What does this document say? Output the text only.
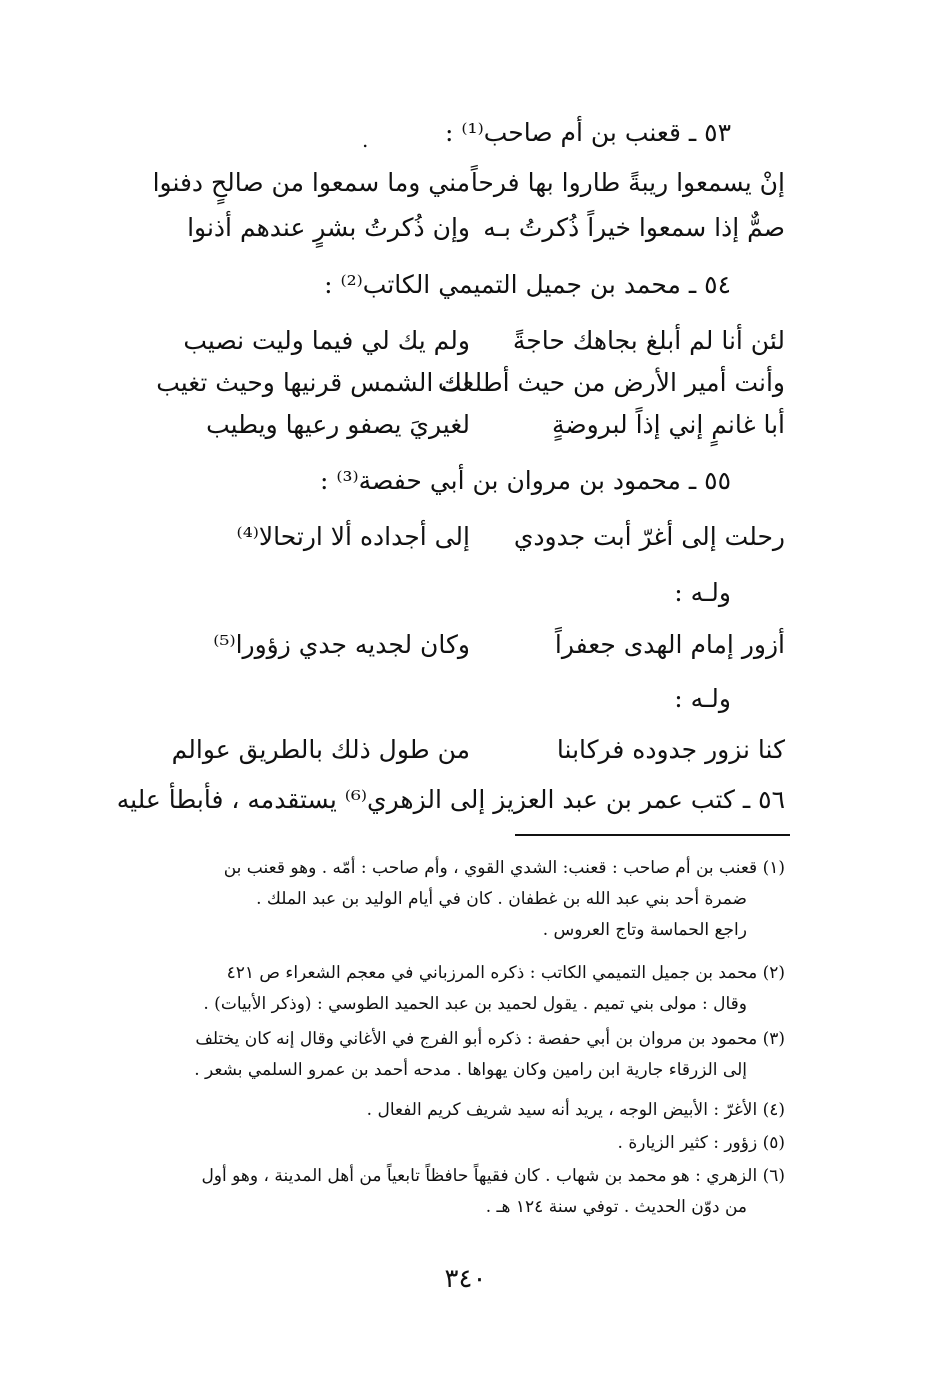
٥٣ ـ قعنب بن أم صاحب⁽¹⁾ :
.
إنْ يسمعوا ريبةً طاروا بها فرحاً
مني وما سمعوا من صالحٍ دفنوا
صمٌّ إذا سمعوا خيراً ذُكرتُ بـه
وإن ذُكرتُ بشرٍ عندهم أذنوا
٥٤ ـ محمد بن جميل التميمي الكاتب⁽²⁾ :
لئن أنا لم أبلغ بجاهك حاجةً
ولم يك لي فيما وليت نصيب
وأنت أمير الأرض من حيث أطلعت
لك الشمس قرنيها وحيث تغيب
أبا غانمٍ إني إذاً لبروضةٍ
لغيريَ يصفو رعيها ويطيب
٥٥ ـ محمود بن مروان بن أبي حفصة⁽³⁾ :
رحلت إلى أغرّ أبت جدودي
إلى أجداده ألا ارتحالا⁽⁴⁾
ولـه :
أزور إمام الهدى جعفراً
وكان لجديه جدي زؤورا⁽⁵⁾
ولـه :
كنا نزور جدوده فركابنا
من طول ذلك بالطريق عوالم
٥٦ ـ كتب عمر بن عبد العزيز إلى الزهري⁽⁶⁾ يستقدمه ، فأبطأ عليه
(١) قعنب بن أم صاحب : قعنب: الشدي القوي ، وأم صاحب : أمّه . وهو قعنب بن
ضمرة أحد بني عبد الله بن غطفان . كان في أيام الوليد بن عبد الملك .
راجع الحماسة وتاج العروس .
(٢) محمد بن جميل التميمي الكاتب : ذكره المرزباني في معجم الشعراء ص ٤٢١
وقال : مولى بني تميم . يقول لحميد بن عبد الحميد الطوسي : (وذكر الأبيات) .
(٣) محمود بن مروان بن أبي حفصة : ذكره أبو الفرج في الأغاني وقال إنه كان يختلف
إلى الزرقاء جارية ابن رامين وكان يهواها . مدحه أحمد بن عمرو السلمي بشعر .
(٤) الأغرّ : الأبيض الوجه ، يريد أنه سيد شريف كريم الفعال .
(٥) زؤور : كثير الزيارة .
(٦) الزهري : هو محمد بن شهاب . كان فقيهاً حافظاً تابعياً من أهل المدينة ، وهو أول
من دوّن الحديث . توفي سنة ١٢٤ هـ .
٣٤٠
